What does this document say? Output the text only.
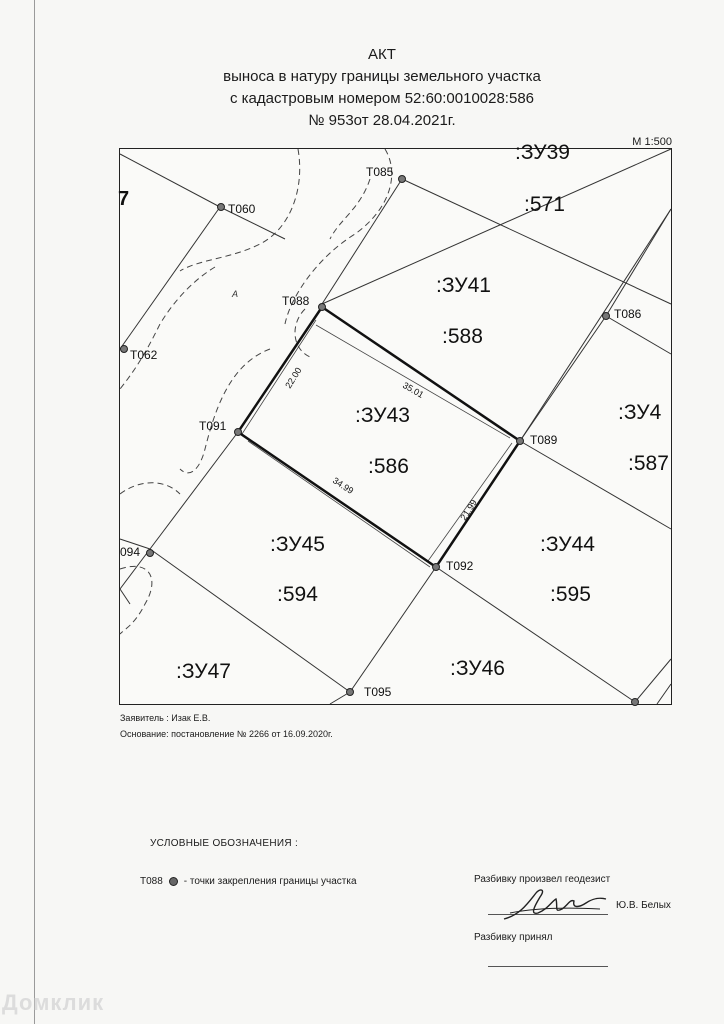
АКТ
выноса в натуру границы земельного участка
с кадастровым номером 52:60:0010028:586
№ 953от 28.04.2021г.
М 1:500
Т060
Т062
Т085
Т086
Т088
Т089
Т091
Т092
094
Т095
35.01
22.00
34.99
21.99
:ЗУ39
:571
:ЗУ41
:588
:ЗУ43
:586
:ЗУ4
:587
:ЗУ45
:594
:ЗУ44
:595
:ЗУ47	:ЗУ46
7
А
Заявитель : Изак Е.В.
Основание: постановление № 2266 от 16.09.2020г.
УСЛОВНЫЕ ОБОЗНАЧЕНИЯ :
Т088 - точки закрепления границы участка	Разбивку произвел геодезист
Ю.В. Белых
Разбивку принял
Домклик
